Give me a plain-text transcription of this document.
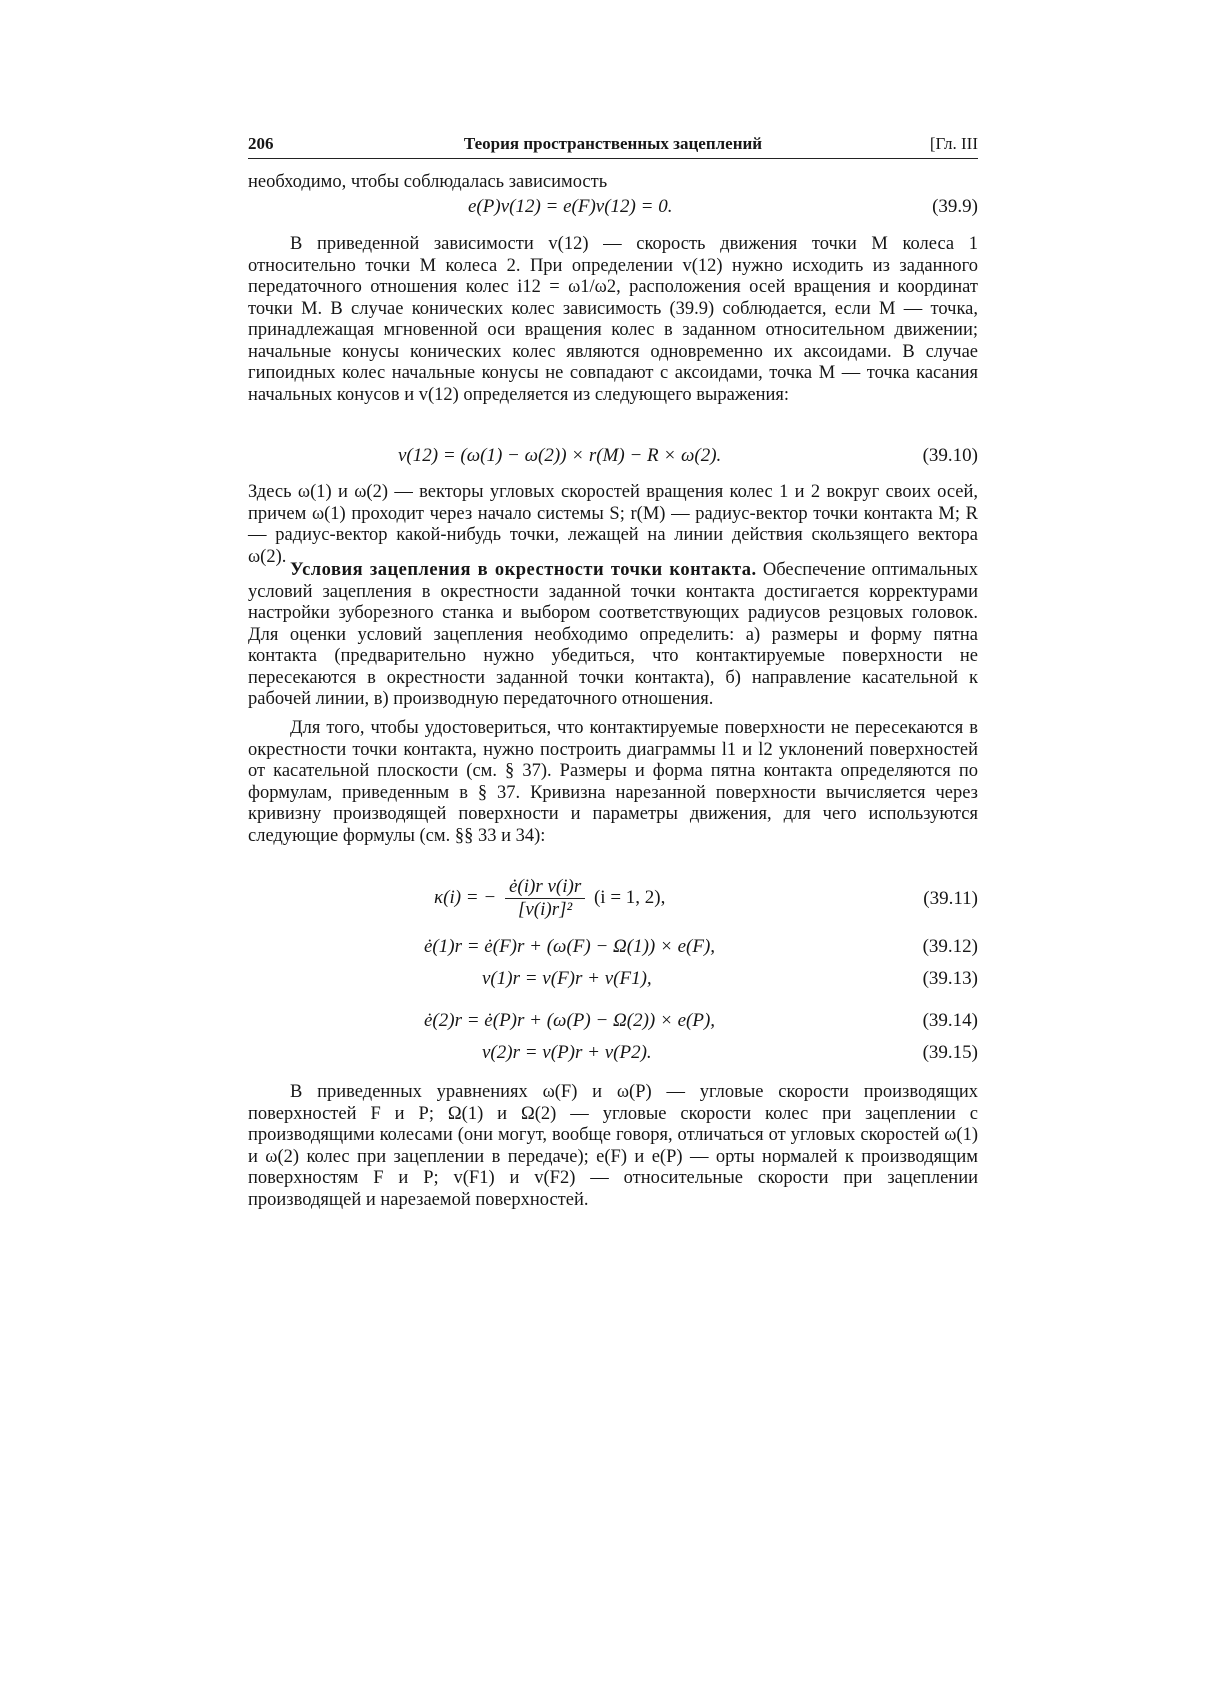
206	Теория пространственных зацеплений	[Гл. III
необходимо, чтобы соблюдалась зависимость
e(P)v(12) = e(F)v(12) = 0.	(39.9)
В приведенной зависимости v(12) — скорость движения точки M колеса 1 относительно точки M колеса 2. При определении v(12) нужно исходить из заданного передаточного отношения колес i12 = ω1/ω2, расположения осей вращения и координат точки M. В случае конических колес зависимость (39.9) соблюдается, если M — точка, принадлежащая мгновенной оси вращения колес в заданном относительном движении; начальные конусы конических колес являются одновременно их аксоидами. В случае гипоидных колес начальные конусы не совпадают с аксоидами, точка M — точка касания начальных конусов и v(12) определяется из следующего выражения:
v(12) = (ω(1) − ω(2)) × r(M) − R × ω(2).	(39.10)
Здесь ω(1) и ω(2) — векторы угловых скоростей вращения колес 1 и 2 вокруг своих осей, причем ω(1) проходит через начало системы S; r(M) — радиус-вектор точки контакта M; R — радиус-вектор какой-нибудь точки, лежащей на линии действия скользящего вектора ω(2).
Условия зацепления в окрестности точки контакта. Обеспечение оптимальных условий зацепления в окрестности заданной точки контакта достигается корректурами настройки зуборезного станка и выбором соответствующих радиусов резцовых головок. Для оценки условий зацепления необходимо определить: а) размеры и форму пятна контакта (предварительно нужно убедиться, что контактируемые поверхности не пересекаются в окрестности заданной точки контакта), б) направление касательной к рабочей линии, в) производную передаточного отношения.
Для того, чтобы удостовериться, что контактируемые поверхности не пересекаются в окрестности точки контакта, нужно построить диаграммы l1 и l2 уклонений поверхностей от касательной плоскости (см. § 37). Размеры и форма пятна контакта определяются по формулам, приведенным в § 37. Кривизна нарезанной поверхности вычисляется через кривизну производящей поверхности и параметры движения, для чего используются следующие формулы (см. §§ 33 и 34):
κ(i) = − $\frac{\text{ė(i)r v(i)r}}{\text{[v(i)r]²}} (i = 1$, 2),	(39.11)
ė(1)r = ė(F)r + (ω(F) − Ω(1)) × e(F),	(39.12)
v(1)r = v(F)r + v(F1),	(39.13)
ė(2)r = ė(P)r + (ω(P) − Ω(2)) × e(P),	(39.14)
v(2)r = v(P)r + v(P2).	(39.15)
В приведенных уравнениях ω(F) и ω(P) — угловые скорости производящих поверхностей F и P; Ω(1) и Ω(2) — угловые скорости колес при зацеплении с производящими колесами (они могут, вообще говоря, отличаться от угловых скоростей ω(1) и ω(2) колес при зацеплении в передаче); e(F) и e(P) — орты нормалей к производящим поверхностям F и P; v(F1) и v(F2) — относительные скорости при зацеплении производящей и нарезаемой поверхностей.
